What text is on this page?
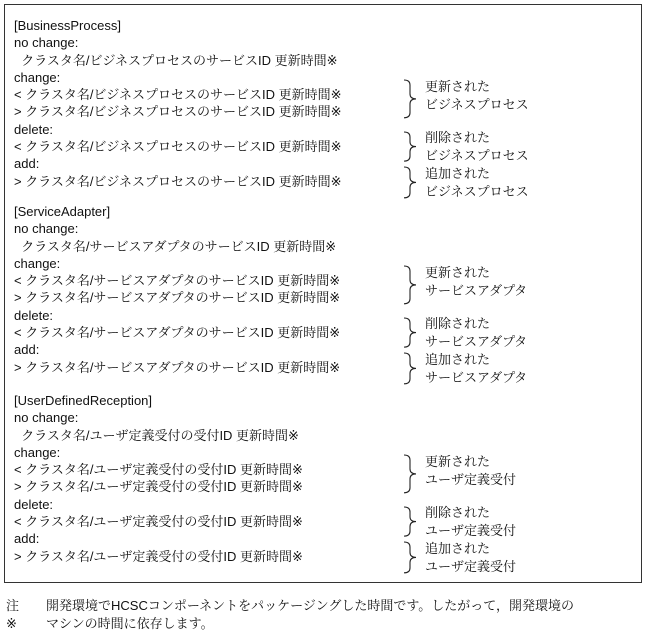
[BusinessProcess]
no change:
クラスタ名/ビジネスプロセスのサービスID 更新時間※
change:
< クラスタ名/ビジネスプロセスのサービスID 更新時間※
> クラスタ名/ビジネスプロセスのサービスID 更新時間※
delete:
< クラスタ名/ビジネスプロセスのサービスID 更新時間※
add:
> クラスタ名/ビジネスプロセスのサービスID 更新時間※
更新された
ビジネスプロセス
削除された
ビジネスプロセス
追加された
ビジネスプロセス
[ServiceAdapter]
no change:
クラスタ名/サービスアダプタのサービスID 更新時間※
change:
< クラスタ名/サービスアダプタのサービスID 更新時間※
> クラスタ名/サービスアダプタのサービスID 更新時間※
delete:
< クラスタ名/サービスアダプタのサービスID 更新時間※
add:
> クラスタ名/サービスアダプタのサービスID 更新時間※
更新された
サービスアダプタ
削除された
サービスアダプタ
追加された
サービスアダプタ
[UserDefinedReception]
no change:
クラスタ名/ユーザ定義受付の受付ID 更新時間※
change:
< クラスタ名/ユーザ定義受付の受付ID 更新時間※
> クラスタ名/ユーザ定義受付の受付ID 更新時間※
delete:
< クラスタ名/ユーザ定義受付の受付ID 更新時間※
add:
> クラスタ名/ユーザ定義受付の受付ID 更新時間※
更新された
ユーザ定義受付
削除された
ユーザ定義受付
追加された
ユーザ定義受付
注※
開発環境でHCSCコンポーネントをパッケージングした時間です。したがって，開発環境の
マシンの時間に依存します。
